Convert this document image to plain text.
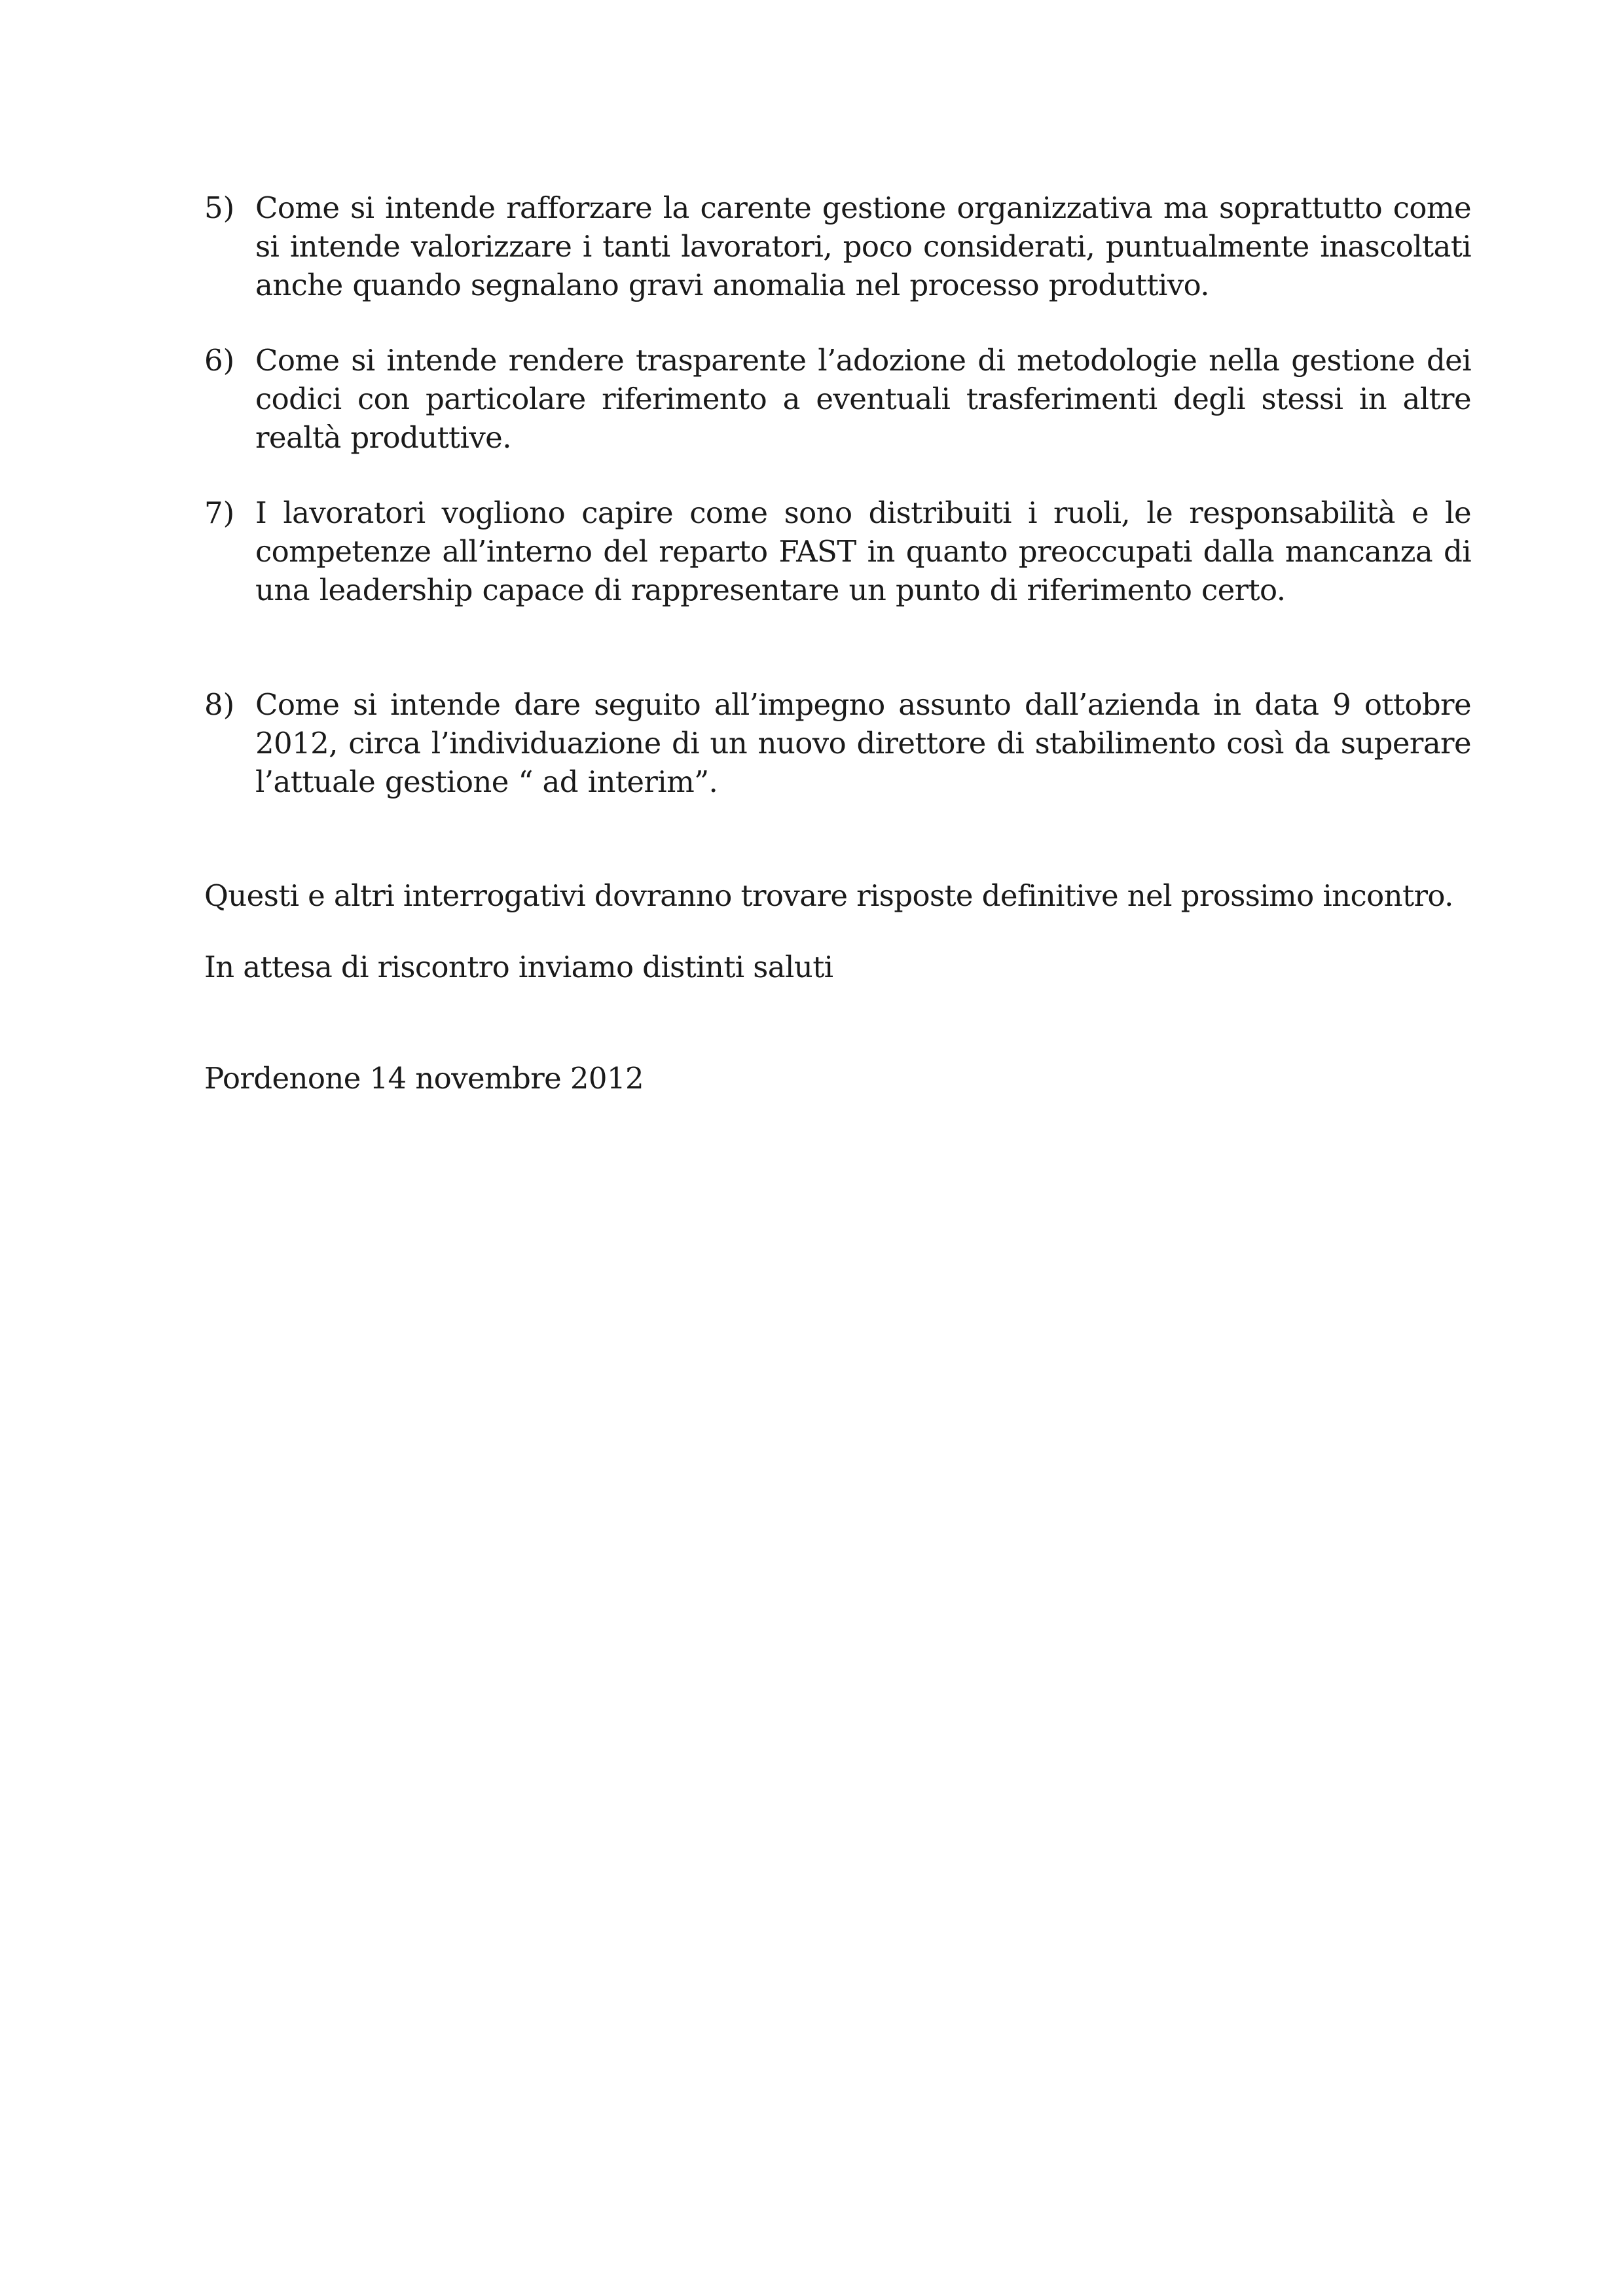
5) Come si intende rafforzare la carente gestione organizzativa ma soprattutto come si intende valorizzare i tanti lavoratori, poco considerati, puntualmente inascoltati anche quando segnalano gravi anomalia nel processo produttivo.
6) Come si intende rendere trasparente l’adozione di metodologie nella gestione dei codici con particolare riferimento a eventuali trasferimenti degli stessi in altre realtà produttive.
7) I lavoratori vogliono capire come sono distribuiti i ruoli, le responsabilità e le competenze all’interno del reparto FAST in quanto preoccupati dalla mancanza di una leadership capace di rappresentare un punto di riferimento certo.
8) Come si intende dare seguito all’impegno assunto dall’azienda in data 9 ottobre 2012, circa l’individuazione di un nuovo direttore di stabilimento così da superare l’attuale gestione “ ad interim”.
Questi e altri interrogativi dovranno trovare risposte definitive nel prossimo incontro.
In attesa di riscontro inviamo distinti saluti
Pordenone 14 novembre 2012
